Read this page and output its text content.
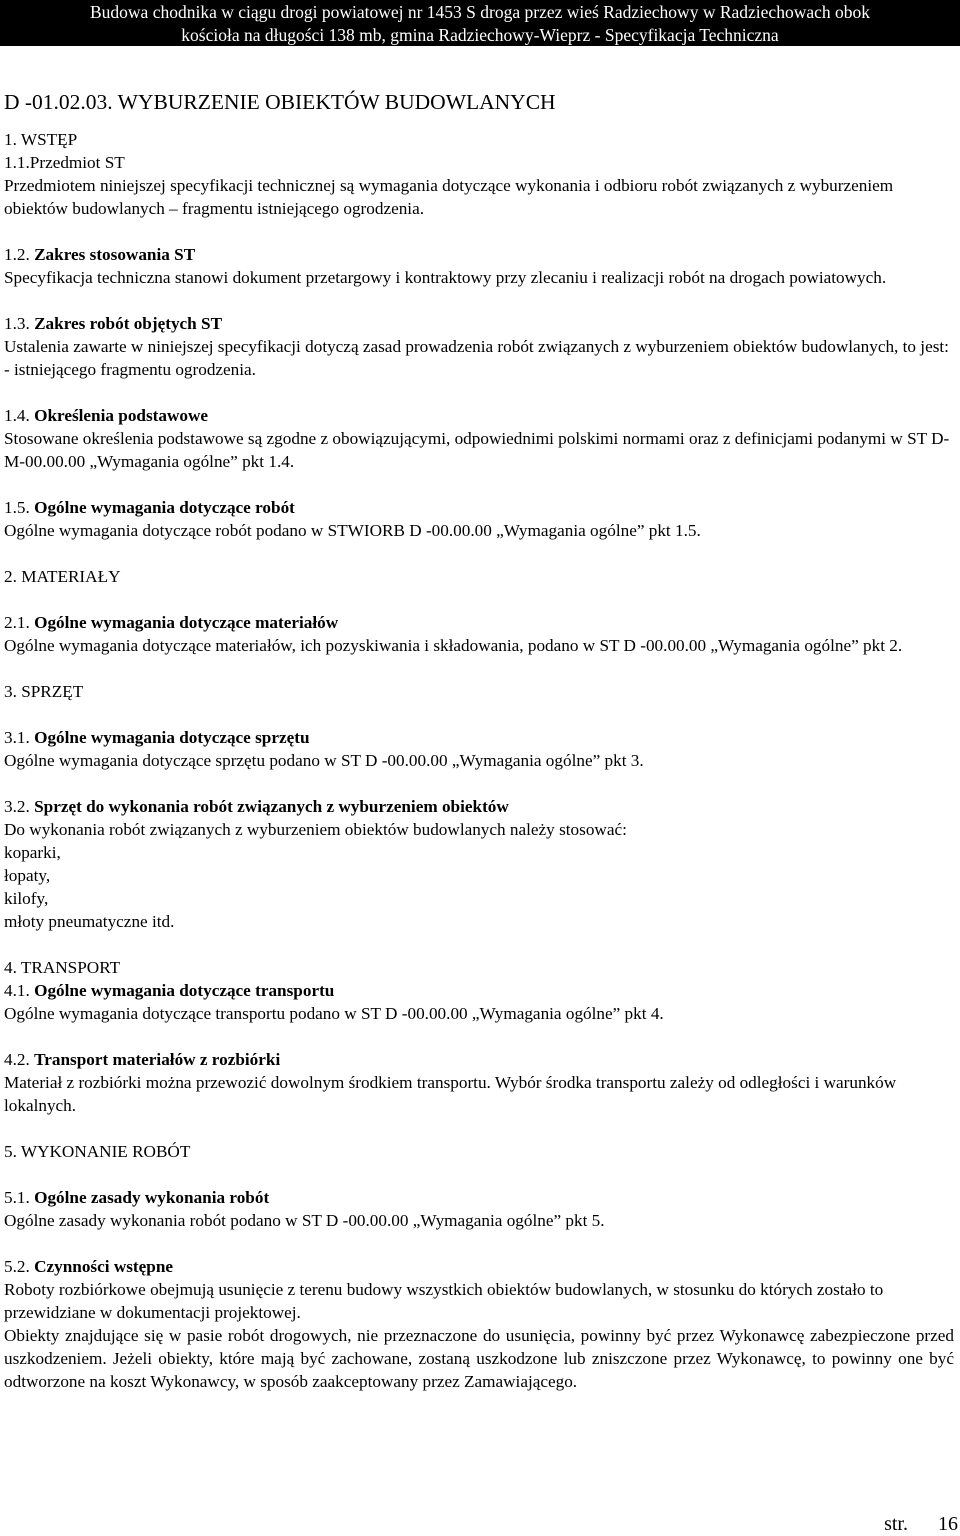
Budowa chodnika w ciągu drogi powiatowej nr 1453 S droga przez wieś Radziechowy w Radziechowach obok
kościoła na długości 138 mb, gmina Radziechowy-Wieprz - Specyfikacja Techniczna
D -01.02.03. WYBURZENIE OBIEKTÓW BUDOWLANYCH

1. WSTĘP

1.1.Przedmiot ST

Przedmiotem niniejszej specyfikacji technicznej są wymagania dotyczące wykonania i odbioru robót związanych z wyburzeniem obiektów budowlanych – fragmentu istniejącego ogrodzenia.

1.2. Zakres stosowania ST

Specyfikacja techniczna stanowi dokument przetargowy i kontraktowy przy zlecaniu i realizacji robót na drogach powiatowych.

1.3. Zakres robót objętych ST

Ustalenia zawarte w niniejszej specyfikacji dotyczą zasad prowadzenia robót związanych z wyburzeniem obiektów budowlanych, to jest:

- istniejącego fragmentu ogrodzenia.

1.4. Określenia podstawowe

Stosowane określenia podstawowe są zgodne z obowiązującymi, odpowiednimi polskimi normami oraz z definicjami podanymi w ST D-M-00.00.00 „Wymagania ogólne” pkt 1.4.

1.5. Ogólne wymagania dotyczące robót

Ogólne wymagania dotyczące robót podano w STWIORB D -00.00.00 „Wymagania ogólne” pkt 1.5.

2. MATERIAŁY

2.1. Ogólne wymagania dotyczące materiałów

Ogólne wymagania dotyczące materiałów, ich pozyskiwania i składowania, podano w ST D -00.00.00 „Wymagania ogólne” pkt 2.

3. SPRZĘT

3.1. Ogólne wymagania dotyczące sprzętu

Ogólne wymagania dotyczące sprzętu podano w ST D -00.00.00 „Wymagania ogólne” pkt 3.

3.2. Sprzęt do wykonania robót związanych z wyburzeniem obiektów

Do wykonania robót związanych z wyburzeniem obiektów budowlanych należy stosować:

koparki,

łopaty,

kilofy,

młoty pneumatyczne itd.

4. TRANSPORT

4.1. Ogólne wymagania dotyczące transportu

Ogólne wymagania dotyczące transportu podano w ST D -00.00.00 „Wymagania ogólne” pkt 4.

4.2. Transport materiałów z rozbiórki

Materiał z rozbiórki można przewozić dowolnym środkiem transportu. Wybór środka transportu zależy od odległości i warunków lokalnych.

5. WYKONANIE ROBÓT

5.1. Ogólne zasady wykonania robót

Ogólne zasady wykonania robót podano w ST D -00.00.00 „Wymagania ogólne” pkt 5.

5.2. Czynności wstępne

Roboty rozbiórkowe obejmują usunięcie z terenu budowy wszystkich obiektów budowlanych, w stosunku do których zostało to przewidziane w dokumentacji projektowej.

Obiekty znajdujące się w pasie robót drogowych, nie przeznaczone do usunięcia, powinny być przez Wykonawcę zabezpieczone przed uszkodzeniem. Jeżeli obiekty, które mają być zachowane, zostaną uszkodzone lub zniszczone przez Wykonawcę, to powinny one być odtworzone na koszt Wykonawcy, w sposób zaakceptowany przez Zamawiającego.

str. 16
